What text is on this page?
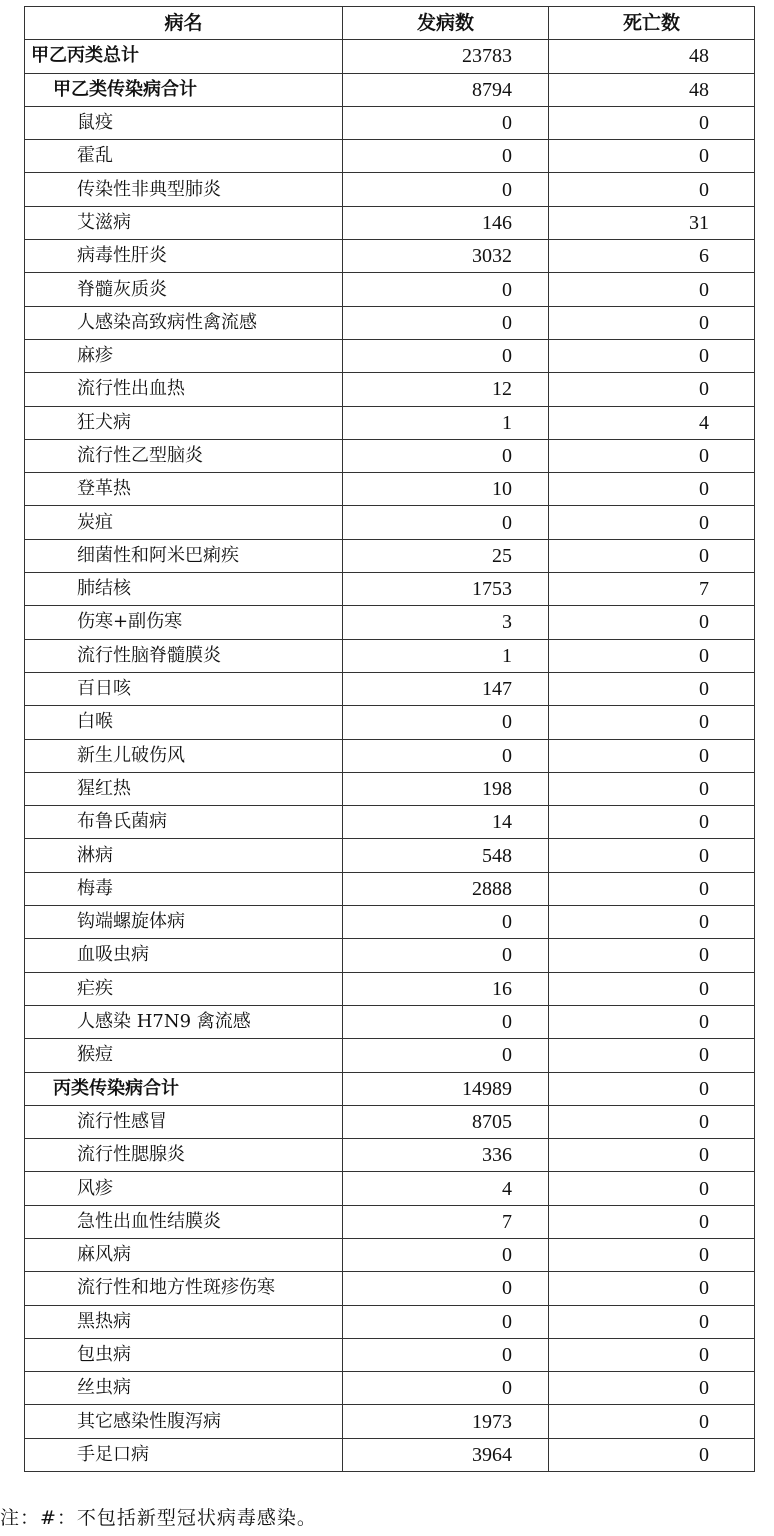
病名	发病数	死亡数
甲乙丙类总计	23783	48
甲乙类传染病合计	8794	48
鼠疫	0	0
霍乱	0	0
传染性非典型肺炎	0	0
艾滋病	146	31
病毒性肝炎	3032	6
脊髓灰质炎	0	0
人感染高致病性禽流感	0	0
麻疹	0	0
流行性出血热	12	0
狂犬病	1	4
流行性乙型脑炎	0	0
登革热	10	0
炭疽	0	0
细菌性和阿米巴痢疾	25	0
肺结核	1753	7
伤寒+副伤寒	3	0
流行性脑脊髓膜炎	1	0
百日咳	147	0
白喉	0	0
新生儿破伤风	0	0
猩红热	198	0
布鲁氏菌病	14	0
淋病	548	0
梅毒	2888	0
钩端螺旋体病	0	0
血吸虫病	0	0
疟疾	16	0
人感染 H7N9 禽流感	0	0
猴痘	0	0
丙类传染病合计	14989	0
流行性感冒	8705	0
流行性腮腺炎	336	0
风疹	4	0
急性出血性结膜炎	7	0
麻风病	0	0
流行性和地方性斑疹伤寒	0	0
黑热病	0	0
包虫病	0	0
丝虫病	0	0
其它感染性腹泻病	1973	0
手足口病	3964	0
注：#：不包括新型冠状病毒感染。
